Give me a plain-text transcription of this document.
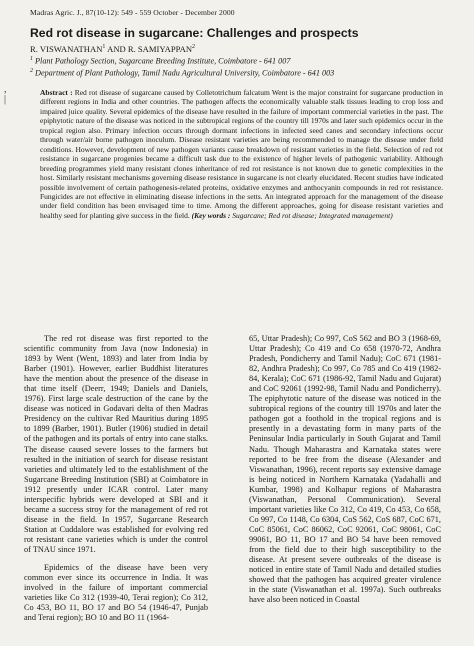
Madras Agric. J., 87(10-12): 549 - 559 October - December 2000
Red rot disease in sugarcane: Challenges and prospects
R. VISWANATHAN$^1$ AND R. SAMIYAPPAN$^2$
$^1$ Plant Pathology Section, Sugarcane Breeding Institute, Coimbatore - 641 007
$^2$ Department of Plant Pathology, Tamil Nadu Agricultural University, Coimbatore - 641 003
,
|
Abstract : Red rot disease of sugarcane caused by Colletotrichum falcatum Went is the major constraint for sugarcane production in different regions in India and other countries. The pathogen affects the economically valuable stalk tissues leading to crop loss and impaired juice quality. Several epidemics of the disease have resulted in the failure of important commercial varieties in the past. The epiphytotic nature of the disease was noticed in the subtropical regions of the country till 1970s and later such epidemics occur in the tropical region also. Primary infection occurs through dormant infections in infected seed canes and secondary infections occur through water/air borne pathogen inoculum. Disease resistant varieties are being recommended to manage the disease under field conditions. However, development of new pathogen variants cause breakdown of resistant varieties in the field. Selection of red rot resistance in sugarcane progenies became a difficult task due to the existence of higher levels of pathogenic variability. Although breeding programmes yield many resistant clones inheritance of red rot resistance is not known due to genetic complexities in the host. Similarly resistant mechanisms governing disease resistance in sugarcane is not clearly elucidated. Recent studies have indicated possible involvement of certain pathogenesis-related proteins, oxidative enzymes and anthocyanin compounds in red rot resistance. Fungicides are not effective in eliminating disease infections in the setts. An integrated approach for the management of the disease under field condition has been envisaged time to time. Among the different approaches, going for disease resistant varieties and healthy seed for planting give success in the field. (Key words : Sugarcane; Red rot disease; Integrated management)

The red rot disease was first reported to the scientific community from Java (now Indonesia) in 1893 by Went (Went, 1893) and later from India by Barber (1901). However, earlier Buddhist literatures have the mention about the presence of the disease in that time itself (Deerr, 1949; Daniels and Daniels, 1976). First large scale destruction of the cane by the disease was noticed in Godavari delta of then Madras Presidency on the cultivar Red Mauritius during 1895 to 1899 (Barber, 1901). Butler (1906) studied in detail of the pathogen and its portals of entry into cane stalks. The disease caused severe losses to the farmers but resulted in the initiation of search for disease resistant varieties and ultimately led to the establishment of the Sugarcane Breeding Institution (SBI) at Coimbatore in 1912 presently under ICAR control. Later many interspecific hybrids were developed at SBI and it became a success stroy for the management of red rot disease in the field. In 1957, Sugarcane Research Station at Cuddalore was established for evolving red rot resistant cane varieties which is under the control of TNAU since 1971.

Epidemics of the disease have been very common ever since its occurrence in India. It was involved in the failure of important commercial varieties like Co 312 (1939-40, Terai region); Co 312, Co 453, BO 11, BO 17 and BO 54 (1946-47, Punjab and Terai region); BO 10 and BO 11 (1964-

65, Uttar Pradesh); Co 997, CoS 562 and BO 3 (1968-69, Uttar Pradesh); Co 419 and Co 658 (1970-72, Andhra Pradesh, Pondicherry and Tamil Nadu); CoC 671 (1981-82, Andhra Pradesh); Co 997, Co 785 and Co 419 (1982-84, Kerala); CoC 671 (1986-92, Tamil Nadu and Gujarat) and CoC 92061 (1992-98, Tamil Nadu and Pondicherry). The epiphytotic nature of the disease was noticed in the subtropical regions of the country till 1970s and later the pathogen got a foothold in the tropical regions and is presently in a devastating form in many parts of the Peninsular India particularly in South Gujarat and Tamil Nadu. Though Maharastra and Karnataka states were reported to be free from the disease (Alexander and Viswanathan, 1996), recent reports say extensive damage is being noticed in Northern Karnataka (Yadahalli and Kumbar, 1998) and Kolhapur regions of Maharastra (Viswanathan, Personal Communication). Several important varieties like Co 312, Co 419, Co 453, Co 658, Co 997, Co 1148, Co 6304, CoS 562, CoS 687, CoC 671, CoC 85061, CoC 86062, CoC 92061, CoC 98061, CoC 99061, BO 11, BO 17 and BO 54 have been removed from the field due to their high susceptibility to the disease. At present severe outbreaks of the disease is noticed in entire state of Tamil Nadu and detailed studies showed that the pathogen has acquired greater virulence in the state (Viswanathan et al. 1997a). Such outbreaks have also been noticed in Coastal
